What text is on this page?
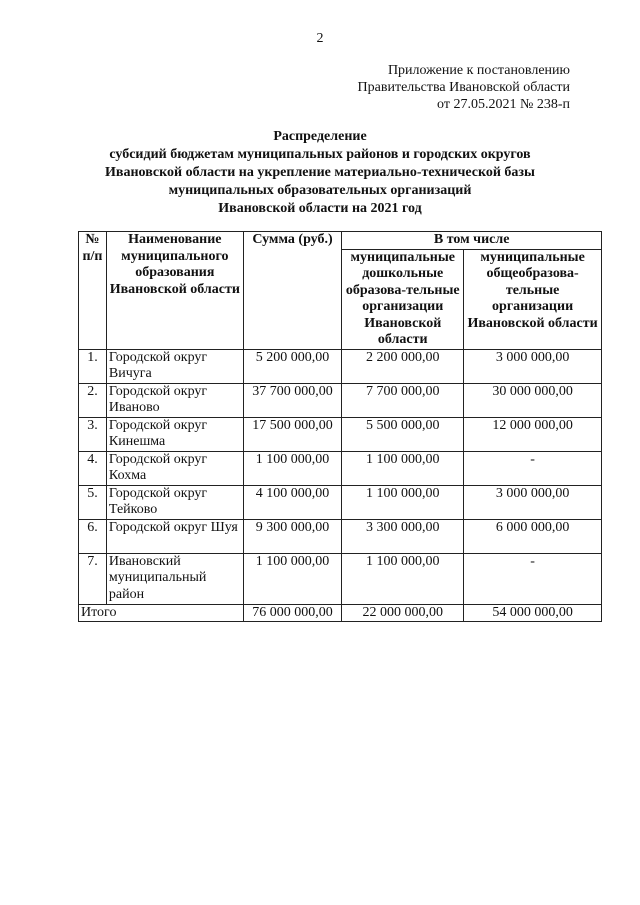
2
Приложение к постановлению
Правительства Ивановской области
от 27.05.2021 № 238-п
Распределение
субсидий бюджетам муниципальных районов и городских округов
Ивановской области на укрепление материально-технической базы
муниципальных образовательных организаций
Ивановской области на 2021 год
№ п/п	Наименование муниципального образования Ивановской области	Сумма (руб.)	В том числе	
			муниципальные дошкольные образова-тельные организации Ивановской области	муниципальные общеобразова-тельные организации Ивановской области
1.	Городской округ Вичуга	5 200 000,00	2 200 000,00	3 000 000,00
2.	Городской округ Иваново	37 700 000,00	7 700 000,00	30 000 000,00
3.	Городской округ Кинешма	17 500 000,00	5 500 000,00	12 000 000,00
4.	Городской округ Кохма	1 100 000,00	1 100 000,00	-
5.	Городской округ Тейково	4 100 000,00	1 100 000,00	3 000 000,00
6.	Городской округ Шуя	9 300 000,00	3 300 000,00	6 000 000,00
7.	Ивановский муниципальный район	1 100 000,00	1 100 000,00	-
Итого		76 000 000,00	22 000 000,00	54 000 000,00
